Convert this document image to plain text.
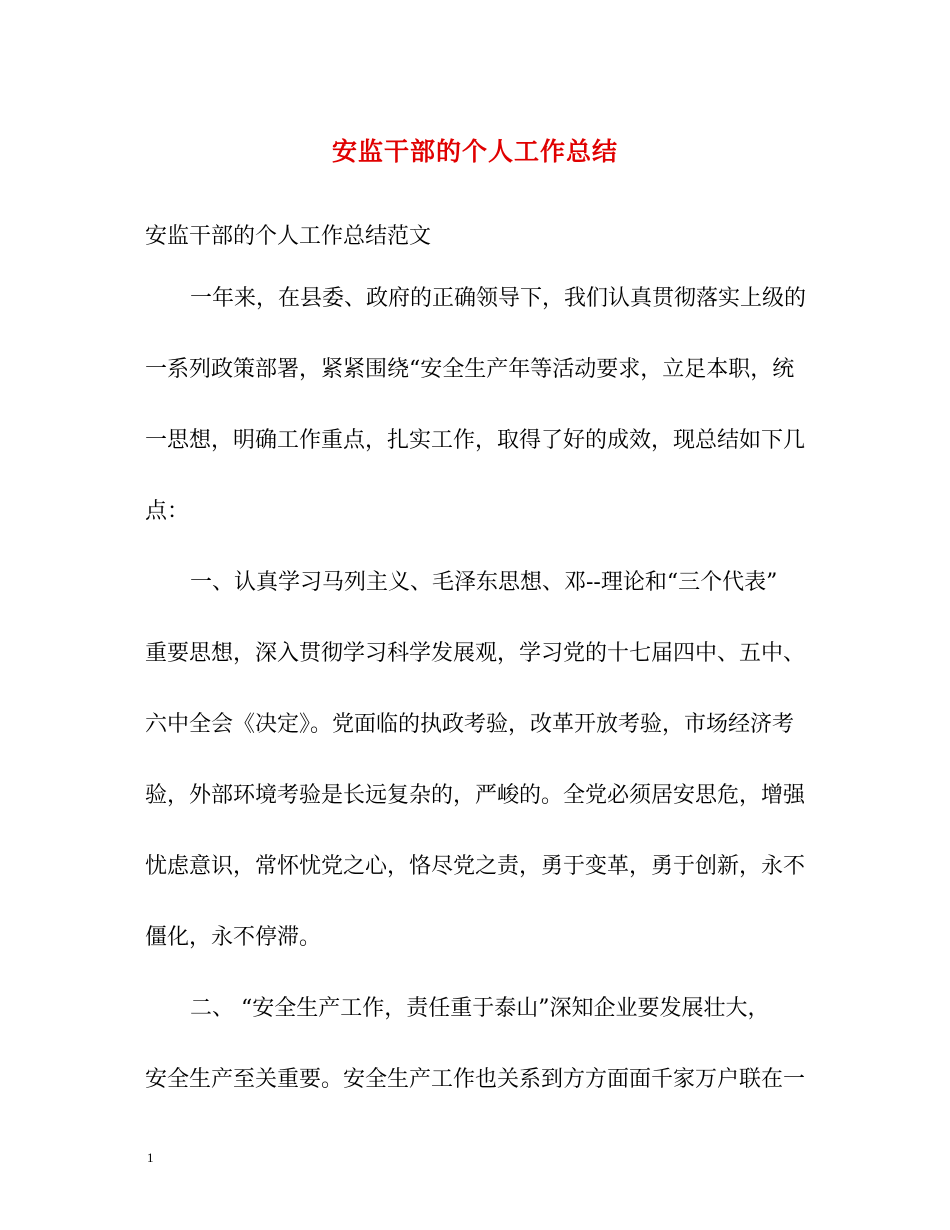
安监干部的个人工作总结
安监干部的个人工作总结范文
一年来，在县委、政府的正确领导下，我们认真贯彻落实上级的
一系列政策部署，紧紧围绕“安全生产年等活动要求，立足本职，统
一思想，明确工作重点，扎实工作，取得了好的成效，现总结如下几
点：
一、认真学习马列主义、毛泽东思想、邓--理论和“三个代表”
重要思想，深入贯彻学习科学发展观，学习党的十七届四中、五中、
六中全会《决定》。党面临的执政考验，改革开放考验，市场经济考
验，外部环境考验是长远复杂的，严峻的。全党必须居安思危，增强
忧虑意识，常怀忧党之心，恪尽党之责，勇于变革，勇于创新，永不
僵化，永不停滞。
二、 “安全生产工作，责任重于泰山”深知企业要发展壮大，
安全生产至关重要。安全生产工作也关系到方方面面千家万户联在一
1
